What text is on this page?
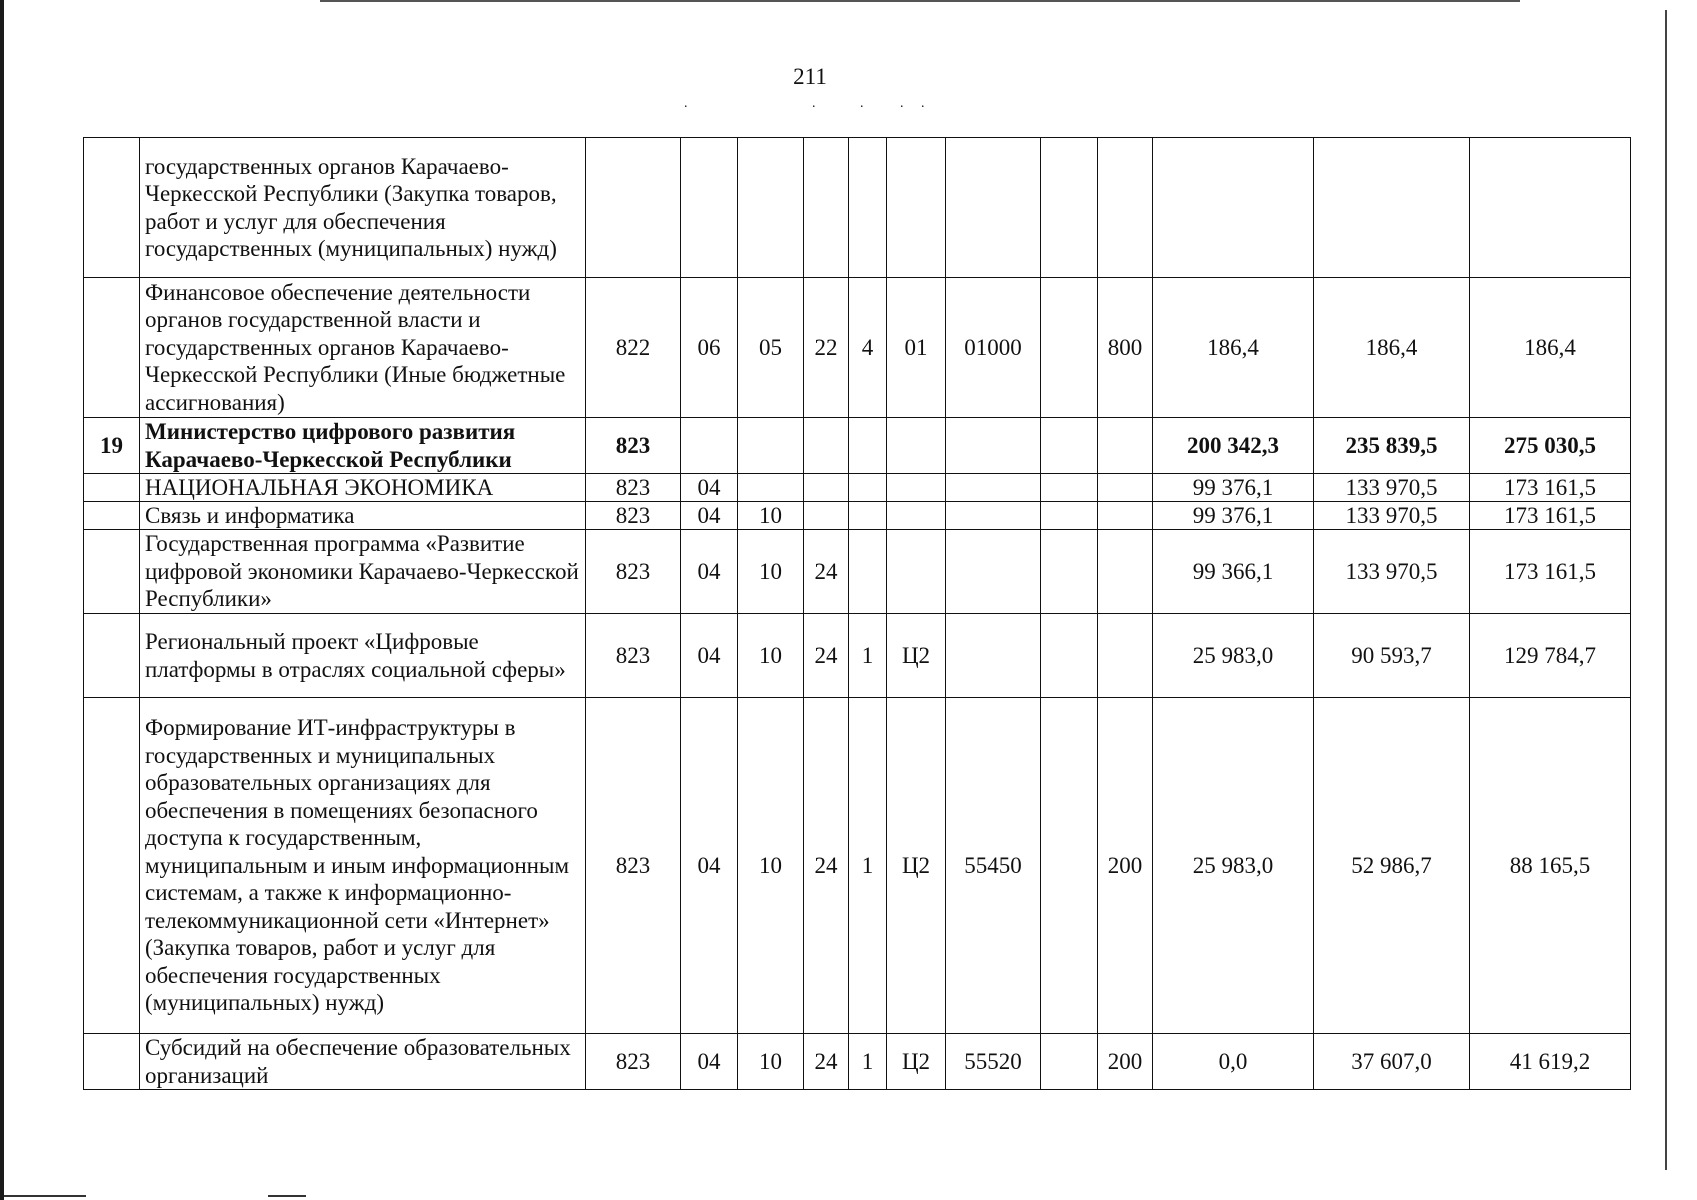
211
.	.	.	. .
	государственных органов Карачаево-Черкесской Республики (Закупка товаров, работ и услуг для обеспечения государственных (муниципальных) нужд)												
	Финансовое обеспечение деятельности органов государственной власти и государственных органов Карачаево-Черкесской Республики (Иные бюджетные ассигнования)	822	06	05	22	4	01	01000		800	186,4	186,4	186,4
19	Министерство цифрового развития Карачаево-Черкесской Республики	823									200 342,3	235 839,5	275 030,5
	НАЦИОНАЛЬНАЯ ЭКОНОМИКА	823	04								99 376,1	133 970,5	173 161,5
	Связь и информатика	823	04	10							99 376,1	133 970,5	173 161,5
	Государственная программа «Развитие цифровой экономики Карачаево-Черкесской Республики»	823	04	10	24						99 366,1	133 970,5	173 161,5
	Региональный проект «Цифровые платформы в отраслях социальной сферы»	823	04	10	24	1	Ц2				25 983,0	90 593,7	129 784,7
	Формирование ИТ-инфраструктуры в государственных и муниципальных образовательных организациях для обеспечения в помещениях безопасного доступа к государственным, муниципальным и иным информационным системам, а также к информационно-телекоммуникационной сети «Интернет» (Закупка товаров, работ и услуг для обеспечения государственных (муниципальных) нужд)	823	04	10	24	1	Ц2	55450		200	25 983,0	52 986,7	88 165,5
	Субсидий на обеспечение образовательных организаций	823	04	10	24	1	Ц2	55520		200	0,0	37 607,0	41 619,2
